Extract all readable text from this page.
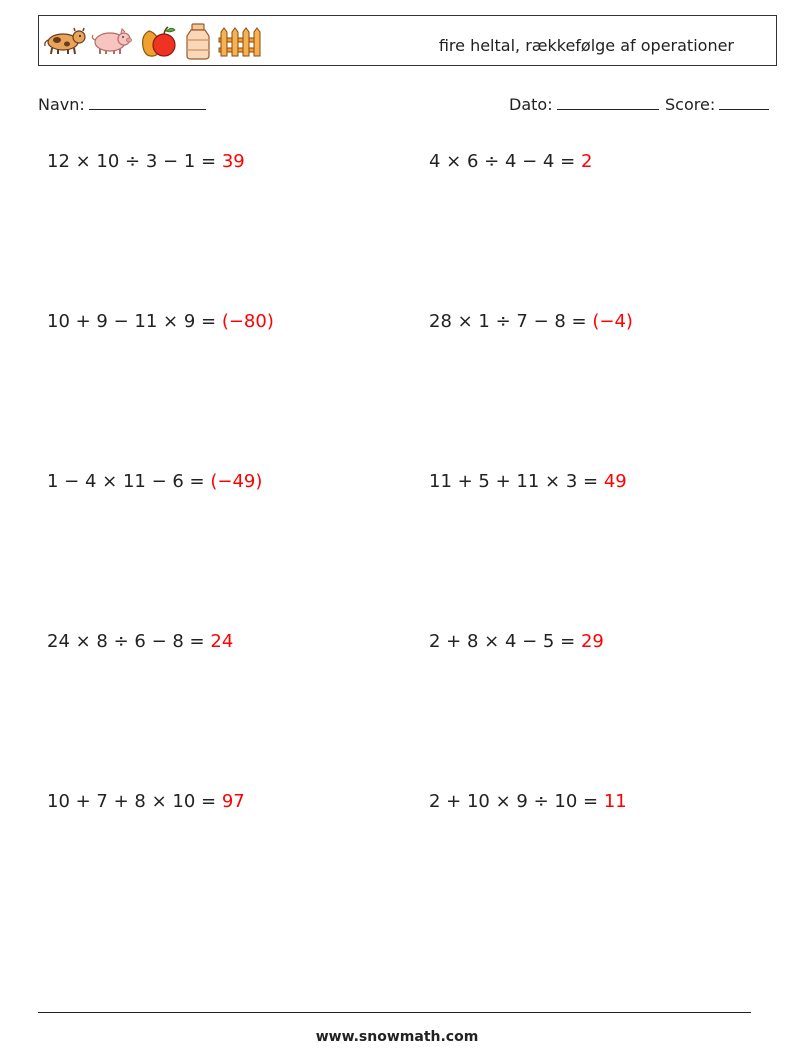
fire heltal, rækkefølge af operationer
Navn:	Dato:	Score:
12 × 10 ÷ 3 − 1 = 39	4 × 6 ÷ 4 − 4 = 2
10 + 9 − 11 × 9 = (−80)	28 × 1 ÷ 7 − 8 = (−4)
1 − 4 × 11 − 6 = (−49)	11 + 5 + 11 × 3 = 49
24 × 8 ÷ 6 − 8 = 24	2 + 8 × 4 − 5 = 29
10 + 7 + 8 × 10 = 97	2 + 10 × 9 ÷ 10 = 11
www.snowmath.com
